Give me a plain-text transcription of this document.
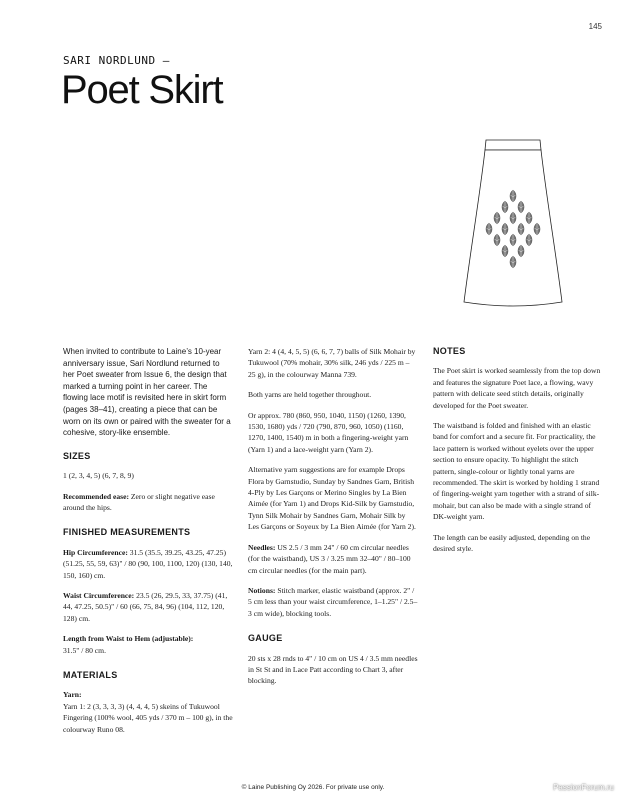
145
SARI NORDLUND –
Poet Skirt

When invited to contribute to Laine’s 10-year anniversary issue, Sari Nordlund returned to her Poet sweater from Issue 6, the design that marked a turning point in her career. The flowing lace motif is revisited here in skirt form (pages 38–41), creating a piece that can be worn on its own or paired with the sweater for a cohesive, story-like ensemble.

SIZES

1 (2, 3, 4, 5) (6, 7, 8, 9)

Recommended ease: Zero or slight negative ease around the hips.

FINISHED MEASUREMENTS

Hip Circumference: 31.5 (35.5, 39.25, 43.25, 47.25) (51.25, 55, 59, 63)" / 80 (90, 100, 1100, 120) (130, 140, 150, 160) cm.

Waist Circumference: 23.5 (26, 29.5, 33, 37.75) (41, 44, 47.25, 50.5)" / 60 (66, 75, 84, 96) (104, 112, 120, 128) cm.

Length from Waist to Hem (adjustable):
31.5" / 80 cm.

MATERIALS

Yarn:

Yarn 1: 2 (3, 3, 3, 3) (4, 4, 4, 5) skeins of Tukuwool Fingering (100% wool, 405 yds / 370 m – 100 g), in the colourway Runo 08.

Yarn 2: 4 (4, 4, 5, 5) (6, 6, 7, 7) balls of Silk Mohair by Tukuwool (70% mohair, 30% silk, 246 yds / 225 m – 25 g), in the colourway Manna 739.

Both yarns are held together throughout.

Or approx. 780 (860, 950, 1040, 1150) (1260, 1390, 1530, 1680) yds / 720 (790, 870, 960, 1050) (1160, 1270, 1400, 1540) m in both a fingering-weight yarn (Yarn 1) and a lace-weight yarn (Yarn 2).

Alternative yarn suggestions are for example Drops Flora by Garnstudio, Sunday by Sandnes Garn, British 4-Ply by Les Garçons or Merino Singles by La Bien Aimée (for Yarn 1) and Drops Kid-Silk by Garnstudio, Tynn Silk Mohair by Sandnes Garn, Mohair Silk by Les Garçons or Soyeux by La Bien Aimée (for Yarn 2).

Needles: US 2.5 / 3 mm 24" / 60 cm circular needles (for the waistband), US 3 / 3.25 mm 32–40" / 80–100 cm circular needles (for the main part).

Notions: Stitch marker, elastic waistband (approx. 2" / 5 cm less than your waist circumference, 1–1.25" / 2.5–3 cm wide), blocking tools.

GAUGE

20 sts x 28 rnds to 4" / 10 cm on US 4 / 3.5 mm needles in St St and in Lace Patt according to Chart 3, after blocking.

NOTES

The Poet skirt is worked seamlessly from the top down and features the signature Poet lace, a flowing, wavy pattern with delicate seed stitch details, originally developed for the Poet sweater.

The waistband is folded and finished with an elastic band for comfort and a secure fit. For practicality, the lace pattern is worked without eyelets over the upper section to ensure opacity. To highlight the stitch pattern, single-colour or lightly tonal yarns are recommended. The skirt is worked by holding 1 strand of fingering-weight yarn together with a strand of silk-mohair, but can also be made with a single strand of DK-weight yarn.

The length can be easily adjusted, depending on the desired style.

© Laine Publishing Oy 2026. For private use only.	PassionForum.ru
